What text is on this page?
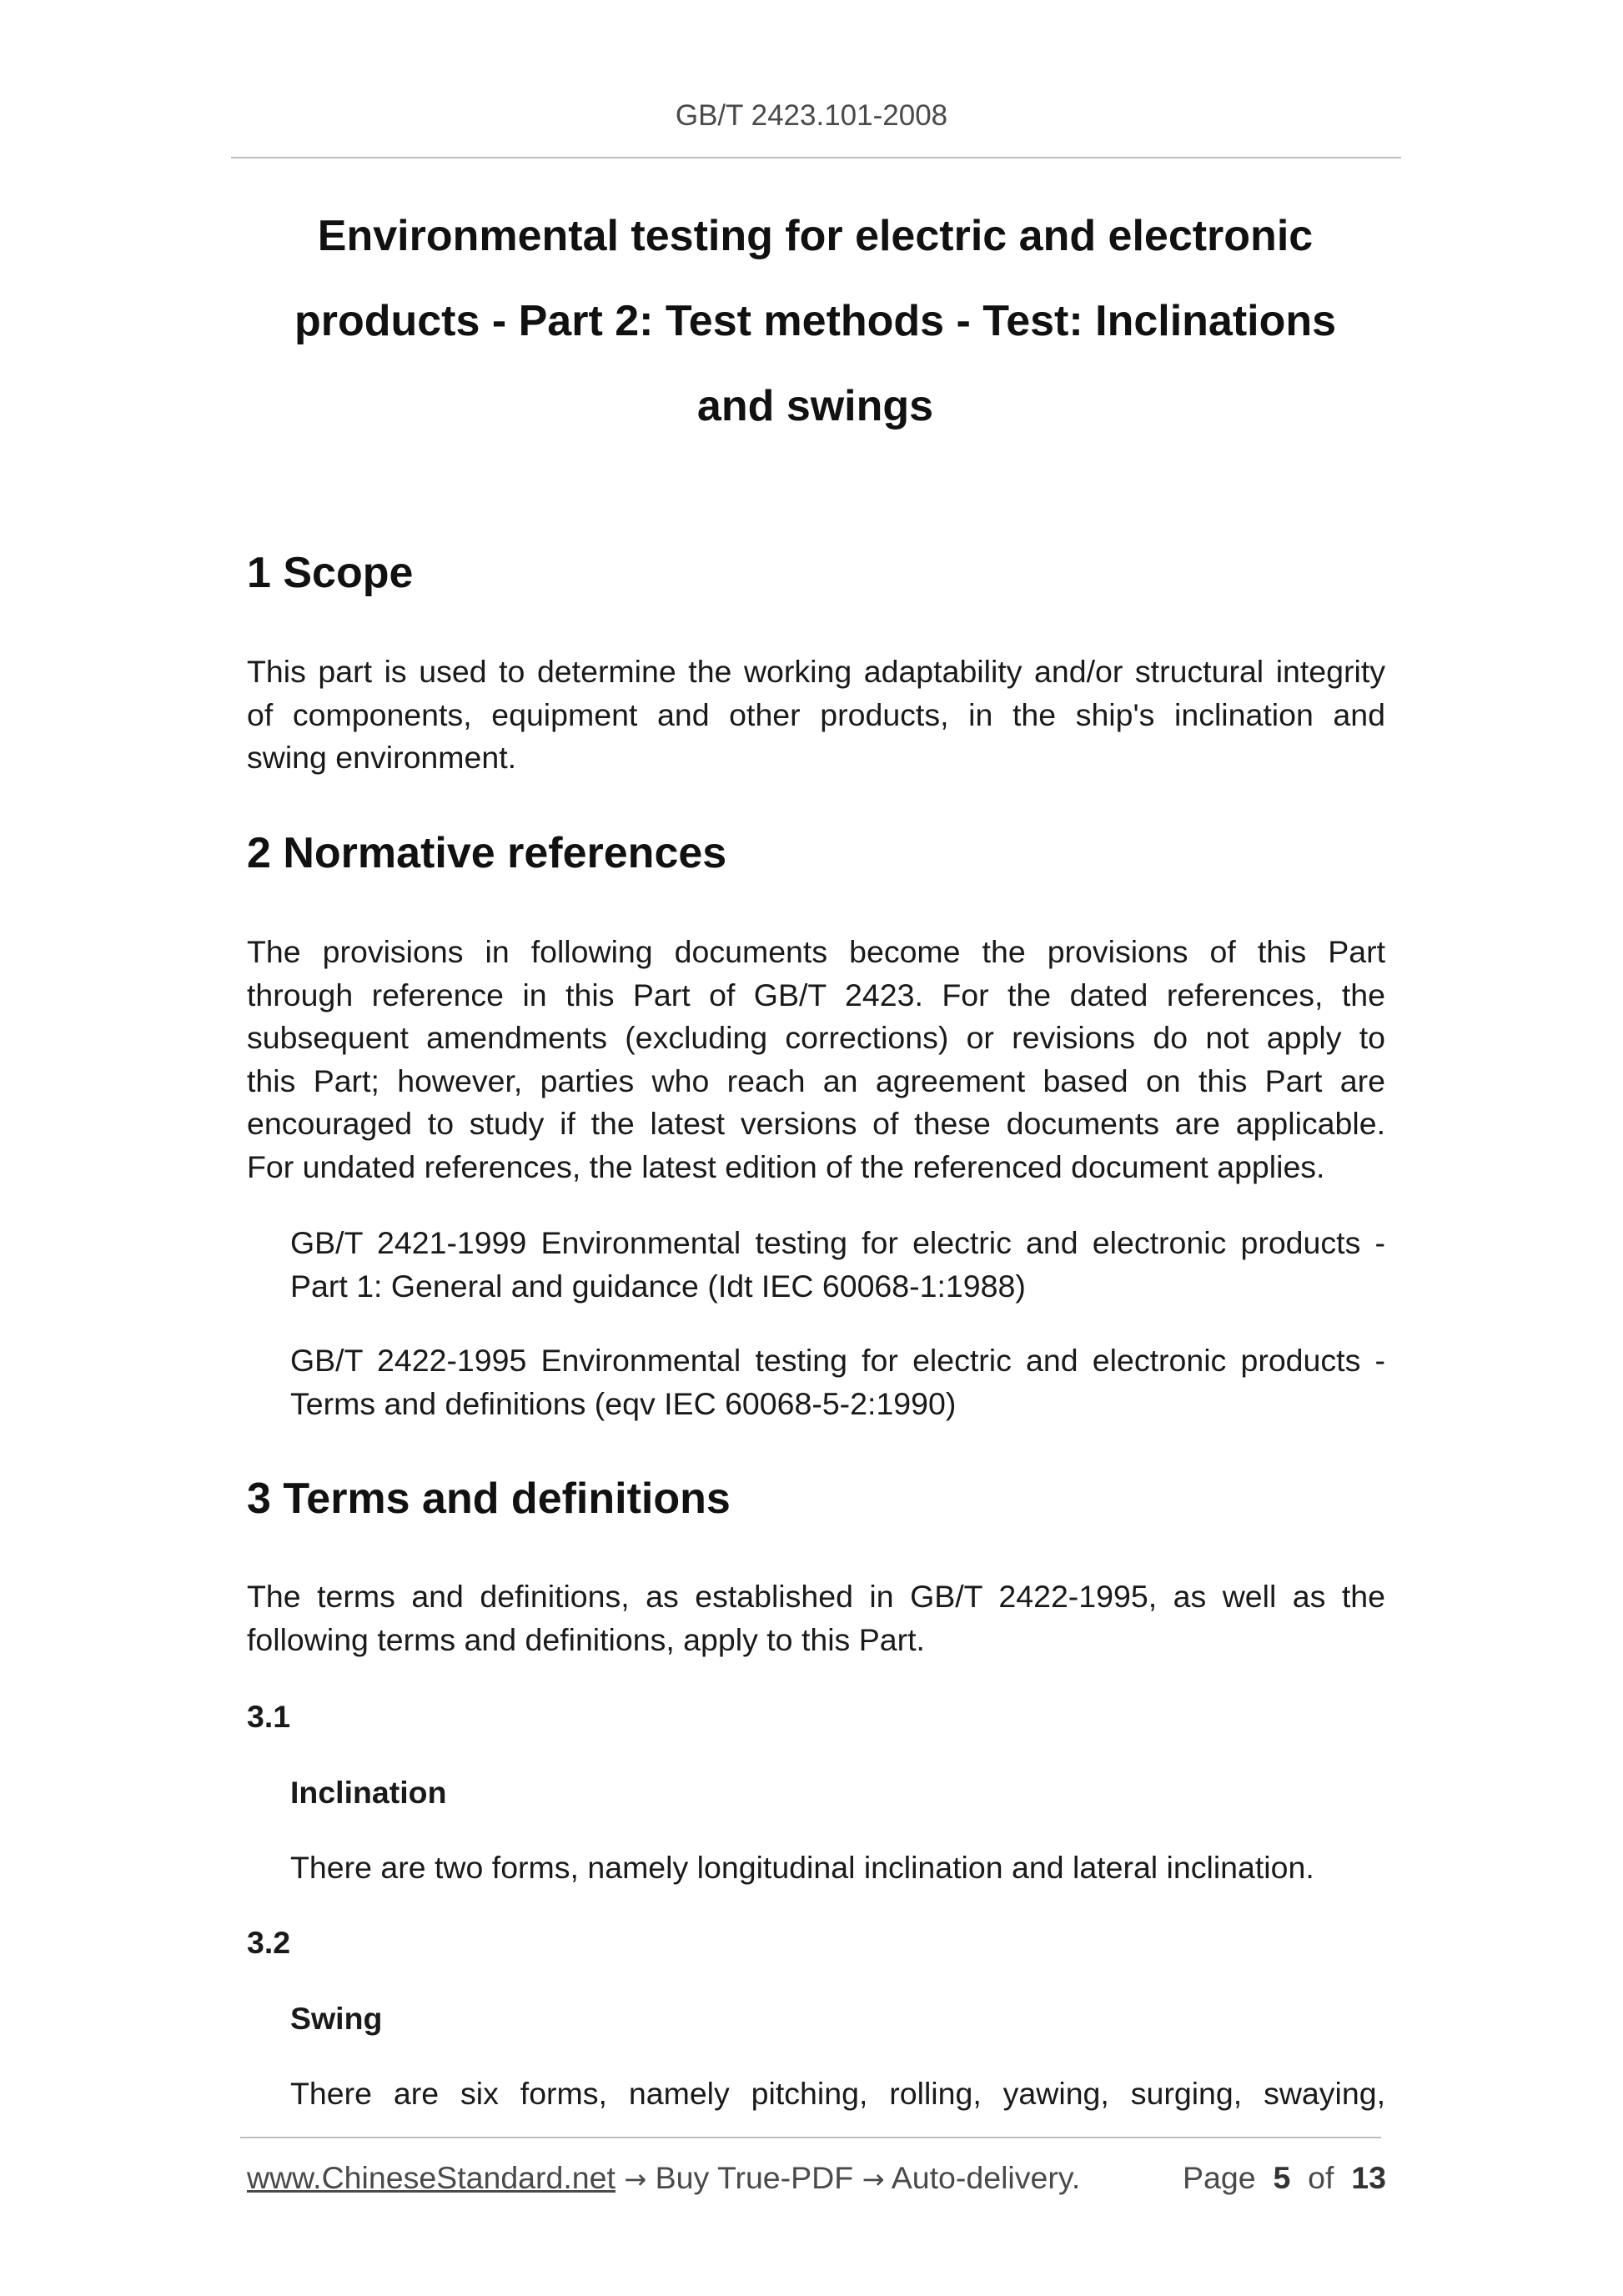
GB/T 2423.101-2008
Environmental testing for electric and electronic
products - Part 2: Test methods - Test: Inclinations
and swings
1 Scope

This part is used to determine the working adaptability and/or structural integrity
of components, equipment and other products, in the ship's inclination and
swing environment.

2 Normative references

The provisions in following documents become the provisions of this Part
through reference in this Part of GB/T 2423. For the dated references, the
subsequent amendments (excluding corrections) or revisions do not apply to
this Part; however, parties who reach an agreement based on this Part are
encouraged to study if the latest versions of these documents are applicable.
For undated references, the latest edition of the referenced document applies.

GB/T 2421-1999 Environmental testing for electric and electronic products -
Part 1: General and guidance (Idt IEC 60068-1:1988)

GB/T 2422-1995 Environmental testing for electric and electronic products -
Terms and definitions (eqv IEC 60068-5-2:1990)

3 Terms and definitions

The terms and definitions, as established in GB/T 2422-1995, as well as the
following terms and definitions, apply to this Part.

3.1
Inclination

There are two forms, namely longitudinal inclination and lateral inclination.

3.2
Swing

There are six forms, namely pitching, rolling, yawing, surging, swaying,

www.ChineseStandard.net → Buy True-PDF → Auto-delivery.	Page 5 of 13
